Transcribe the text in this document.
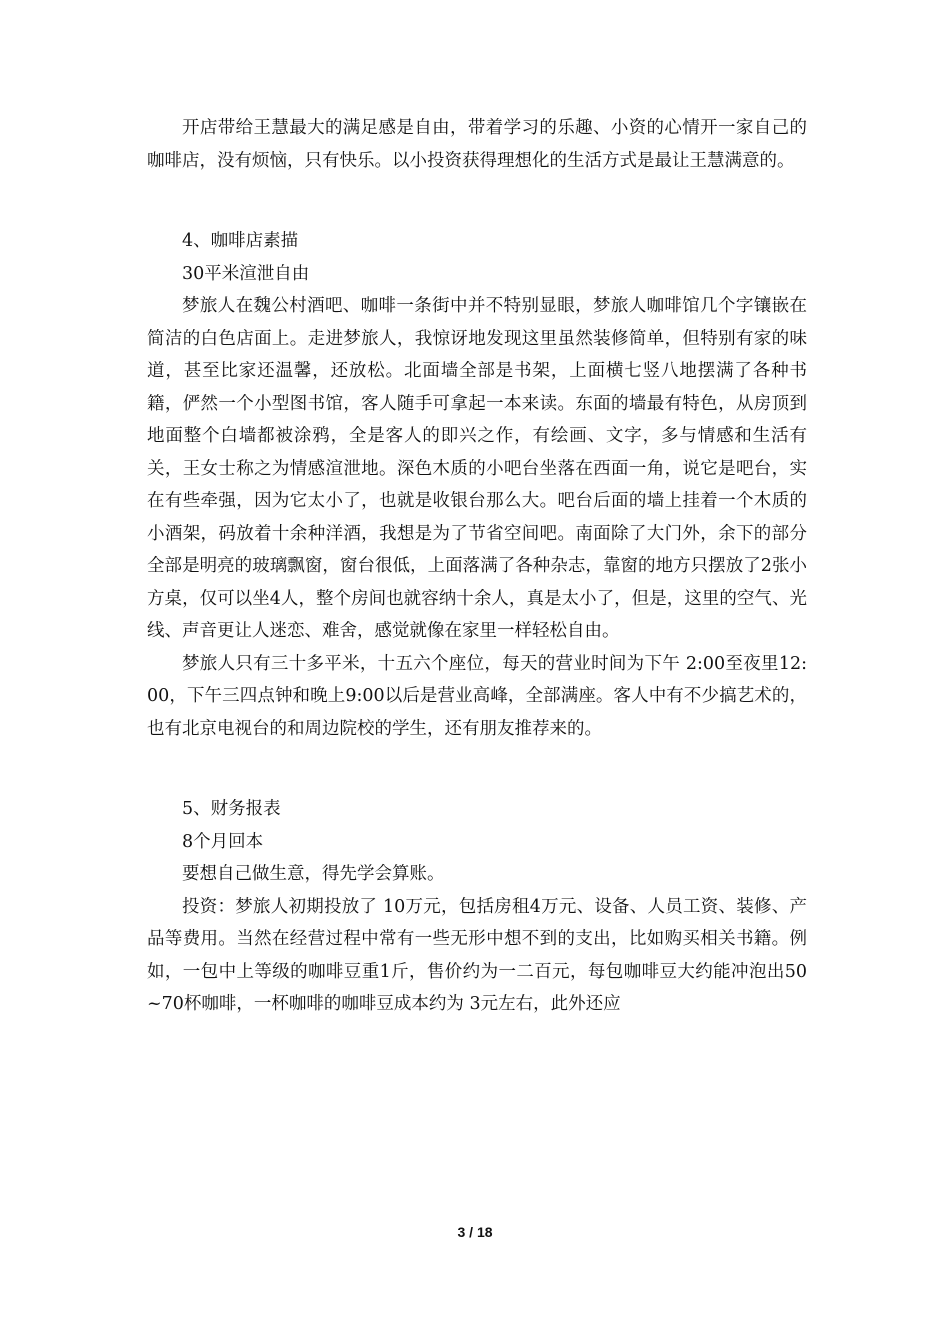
开店带给王慧最大的满足感是自由，带着学习的乐趣、小资的心情开一家自己的咖啡店，没有烦恼，只有快乐。以小投资获得理想化的生活方式是最让王慧满意的。

4、咖啡店素描

30平米渲泄自由

梦旅人在魏公村酒吧、咖啡一条街中并不特别显眼，梦旅人咖啡馆几个字镶嵌在简洁的白色店面上。走进梦旅人，我惊讶地发现这里虽然装修简单，但特别有家的味道，甚至比家还温馨，还放松。北面墙全部是书架，上面横七竖八地摆满了各种书籍，俨然一个小型图书馆，客人随手可拿起一本来读。东面的墙最有特色，从房顶到地面整个白墙都被涂鸦，全是客人的即兴之作，有绘画、文字，多与情感和生活有关，王女士称之为情感渲泄地。深色木质的小吧台坐落在西面一角，说它是吧台，实在有些牵强，因为它太小了，也就是收银台那么大。吧台后面的墙上挂着一个木质的小酒架，码放着十余种洋酒，我想是为了节省空间吧。南面除了大门外，余下的部分全部是明亮的玻璃飘窗，窗台很低，上面落满了各种杂志，靠窗的地方只摆放了2张小方桌，仅可以坐4人，整个房间也就容纳十余人，真是太小了，但是，这里的空气、光线、声音更让人迷恋、难舍，感觉就像在家里一样轻松自由。

梦旅人只有三十多平米，十五六个座位，每天的营业时间为下午 2:00至夜里12:00，下午三四点钟和晚上9:00以后是营业高峰，全部满座。客人中有不少搞艺术的，也有北京电视台的和周边院校的学生，还有朋友推荐来的。

5、财务报表

8个月回本

要想自己做生意，得先学会算账。

投资：梦旅人初期投放了 10万元，包括房租4万元、设备、人员工资、装修、产品等费用。当然在经营过程中常有一些无形中想不到的支出，比如购买相关书籍。例如，一包中上等级的咖啡豆重1斤，售价约为一二百元，每包咖啡豆大约能冲泡出50~70杯咖啡，一杯咖啡的咖啡豆成本约为 3元左右，此外还应

3 / 18
